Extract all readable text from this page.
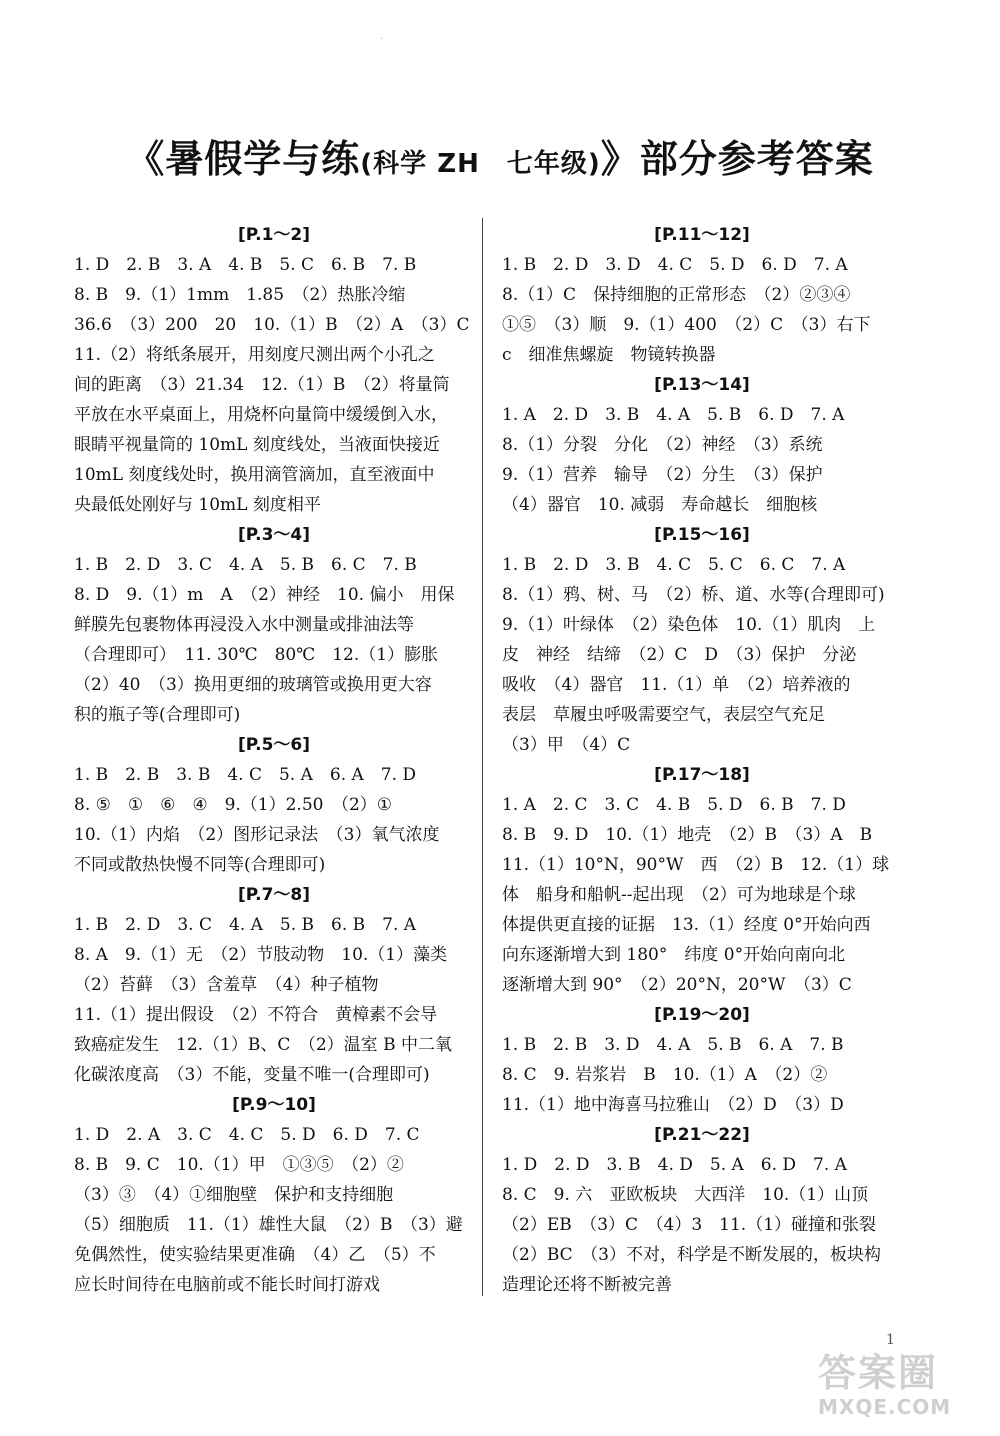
·
《暑假学与练(科学 ZH　七年级)》部分参考答案
[P.1～2]
1. D　2. B　3. A　4. B　5. C　6. B　7. B
8. B　9.（1）1mm　1.85　（2）热胀冷缩
36.6　（3）200　20　10.（1）B　（2）A　（3）C
11.（2）将纸条展开，用刻度尺测出两个小孔之
间的距离　（3）21.34　12.（1）B　（2）将量筒
平放在水平桌面上，用烧杯向量筒中缓缓倒入水，
眼睛平视量筒的 10mL 刻度线处，当液面快接近
10mL 刻度线处时，换用滴管滴加，直至液面中
央最低处刚好与 10mL 刻度相平
[P.3～4]
1. B　2. D　3. C　4. A　5. B　6. C　7. B
8. D　9.（1）m　A　（2）神经　10. 偏小　用保
鲜膜先包裹物体再浸没入水中测量或排油法等
（合理即可）　11. 30℃　80℃　12.（1）膨胀
（2）40　（3）换用更细的玻璃管或换用更大容
积的瓶子等(合理即可)
[P.5～6]
1. B　2. B　3. B　4. C　5. A　6. A　7. D
8. ⑤　①　⑥　④　9.（1）2.50　（2）①
10.（1）内焰　（2）图形记录法　（3）氧气浓度
不同或散热快慢不同等(合理即可)
[P.7～8]
1. B　2. D　3. C　4. A　5. B　6. B　7. A
8. A　9.（1）无　（2）节肢动物　10.（1）藻类
（2）苔藓　（3）含羞草　（4）种子植物
11.（1）提出假设　（2）不符合　黄樟素不会导
致癌症发生　12.（1）B、C　（2）温室 B 中二氧
化碳浓度高　（3）不能，变量不唯一(合理即可)
[P.9～10]
1. D　2. A　3. C　4. C　5. D　6. D　7. C
8. B　9. C　10.（1）甲　①③⑤　（2）②
（3）③　（4）①细胞壁　保护和支持细胞
（5）细胞质　11.（1）雄性大鼠　（2）B　（3）避
免偶然性，使实验结果更准确　（4）乙　（5）不
应长时间待在电脑前或不能长时间打游戏
[P.11～12]
1. B　2. D　3. D　4. C　5. D　6. D　7. A
8.（1）C　保持细胞的正常形态　（2）②③④
①⑤　（3）顺　9.（1）400　（2）C　（3）右下
c　细准焦螺旋　物镜转换器
[P.13～14]
1. A　2. D　3. B　4. A　5. B　6. D　7. A
8.（1）分裂　分化　（2）神经　（3）系统
9.（1）营养　输导　（2）分生　（3）保护
（4）器官　10. 减弱　寿命越长　细胞核
[P.15～16]
1. B　2. D　3. B　4. C　5. C　6. C　7. A
8.（1）鸦、树、马　（2）桥、道、水等(合理即可)
9.（1）叶绿体　（2）染色体　10.（1）肌肉　上
皮　神经　结缔　（2）C　D　（3）保护　分泌
吸收　（4）器官　11.（1）单　（2）培养液的
表层　草履虫呼吸需要空气，表层空气充足
（3）甲　（4）C
[P.17～18]
1. A　2. C　3. C　4. B　5. D　6. B　7. D
8. B　9. D　10.（1）地壳　（2）B　（3）A　B
11.（1）10°N，90°W　西　（2）B　12.（1）球
体　船身和船帆--起出现　（2）可为地球是个球
体提供更直接的证据　13.（1）经度 0°开始向西
向东逐渐增大到 180°　纬度 0°开始向南向北
逐渐增大到 90°　（2）20°N，20°W　（3）C
[P.19～20]
1. B　2. B　3. D　4. A　5. B　6. A　7. B
8. C　9. 岩浆岩　B　10.（1）A　（2）②
11.（1）地中海喜马拉雅山　（2）D　（3）D
[P.21～22]
1. D　2. D　3. B　4. D　5. A　6. D　7. A
8. C　9. 六　亚欧板块　大西洋　10.（1）山顶
（2）EB　（3）C　（4）3　11.（1）碰撞和张裂
（2）BC　（3）不对，科学是不断发展的，板块构
造理论还将不断被完善
1
答案圈
MXQE.COM
